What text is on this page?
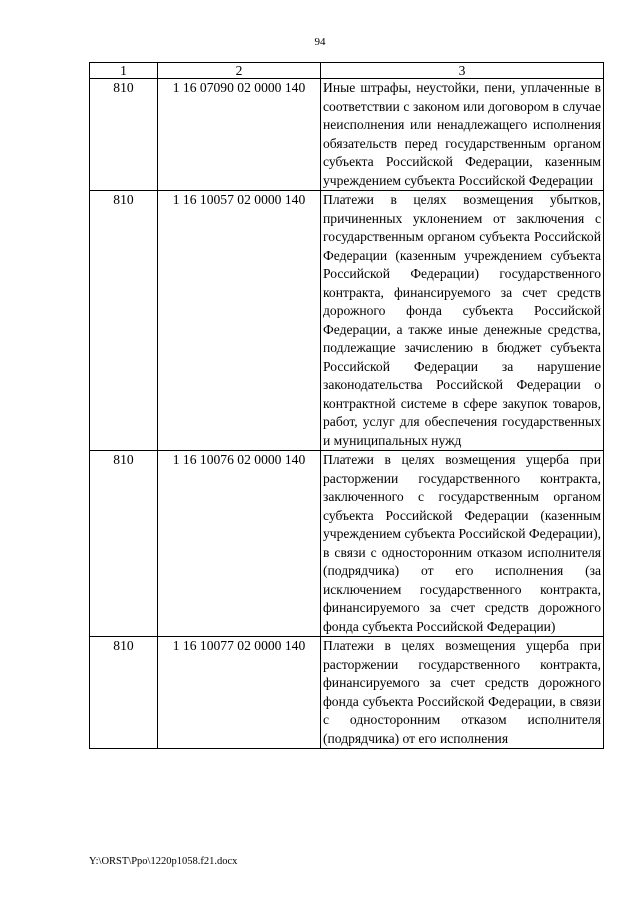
94
1	2	3
810	1 16 07090 02 0000 140	Иные штрафы, неустойки, пени, уплаченные в соответствии с законом или договором в случае неисполнения или ненадлежащего исполнения обязательств перед государственным органом субъекта Российской Федерации, казенным учреждением субъекта Российской Федерации
810	1 16 10057 02 0000 140	Платежи в целях возмещения убытков, причиненных уклонением от заключения с государственным органом субъекта Российской Федерации (казенным учреждением субъекта Российской Федерации) государственного контракта, финансируемого за счет средств дорожного фонда субъекта Российской Федерации, а также иные денежные средства, подлежащие зачислению в бюджет субъекта Российской Федерации за нарушение законодательства Российской Федерации о контрактной системе в сфере закупок товаров, работ, услуг для обеспечения государственных и муниципальных нужд
810	1 16 10076 02 0000 140	Платежи в целях возмещения ущерба при расторжении государственного контракта, заключенного с государственным органом субъекта Российской Федерации (казенным учреждением субъекта Российской Федерации), в связи с односторонним отказом исполнителя (подрядчика) от его исполнения (за исключением государственного контракта, финансируемого за счет средств дорожного фонда субъекта Российской Федерации)
810	1 16 10077 02 0000 140	Платежи в целях возмещения ущерба при расторжении государственного контракта, финансируемого за счет средств дорожного фонда субъекта Российской Федерации, в связи с односторонним отказом исполнителя (подрядчика) от его исполнения
Y:\ORST\Ppo\1220p1058.f21.docx
